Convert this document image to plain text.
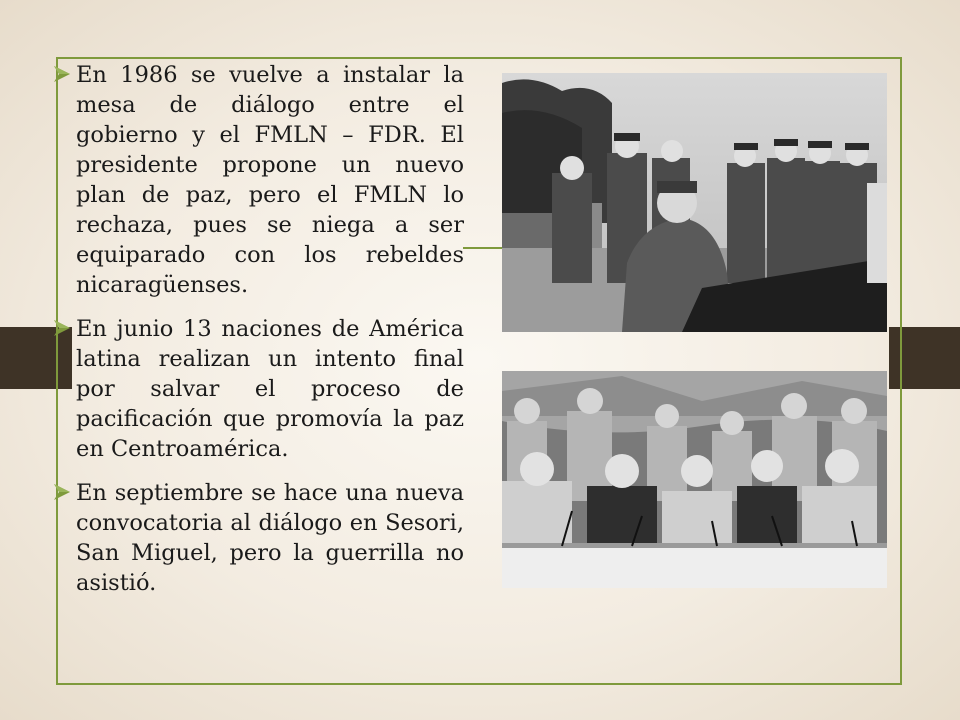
En 1986 se vuelve a instalar la mesa de diálogo entre el gobierno y el FMLN – FDR. El presidente propone un nuevo plan de paz, pero el FMLN lo rechaza, pues se niega a ser equiparado con los rebeldes nicaragüenses.

En junio 13 naciones de América latina realizan un intento final por salvar el proceso de pacificación que promovía la paz en Centroamérica.

En septiembre se hace una nueva convocatoria al diálogo en Sesori, San Miguel, pero la guerrilla no asistió.
